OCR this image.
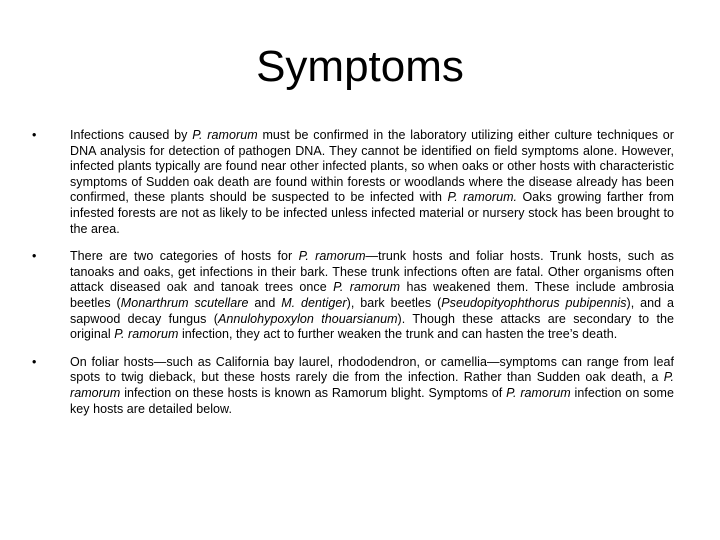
Symptoms
•	Infections caused by P. ramorum must be confirmed in the laboratory utilizing either culture techniques or DNA analysis for detection of pathogen DNA. They cannot be identified on field symptoms alone. However, infected plants typically are found near other infected plants, so when oaks or other hosts with characteristic symptoms of Sudden oak death are found within forests or woodlands where the disease already has been confirmed, these plants should be suspected to be infected with P. ramorum. Oaks growing farther from infested forests are not as likely to be infected unless infected material or nursery stock has been brought to the area.
•	There are two categories of hosts for P. ramorum—trunk hosts and foliar hosts. Trunk hosts, such as tanoaks and oaks, get infections in their bark. These trunk infections often are fatal. Other organisms often attack diseased oak and tanoak trees once P. ramorum has weakened them. These include ambrosia beetles (Monarthrum scutellare and M. dentiger), bark beetles (Pseudopityophthorus pubipennis), and a sapwood decay fungus (Annulohypoxylon thouarsianum). Though these attacks are secondary to the original P. ramorum infection, they act to further weaken the trunk and can hasten the tree’s death.
•	On foliar hosts—such as California bay laurel, rhododendron, or camellia—symptoms can range from leaf spots to twig dieback, but these hosts rarely die from the infection. Rather than Sudden oak death, a P. ramorum infection on these hosts is known as Ramorum blight. Symptoms of P. ramorum infection on some key hosts are detailed below.
